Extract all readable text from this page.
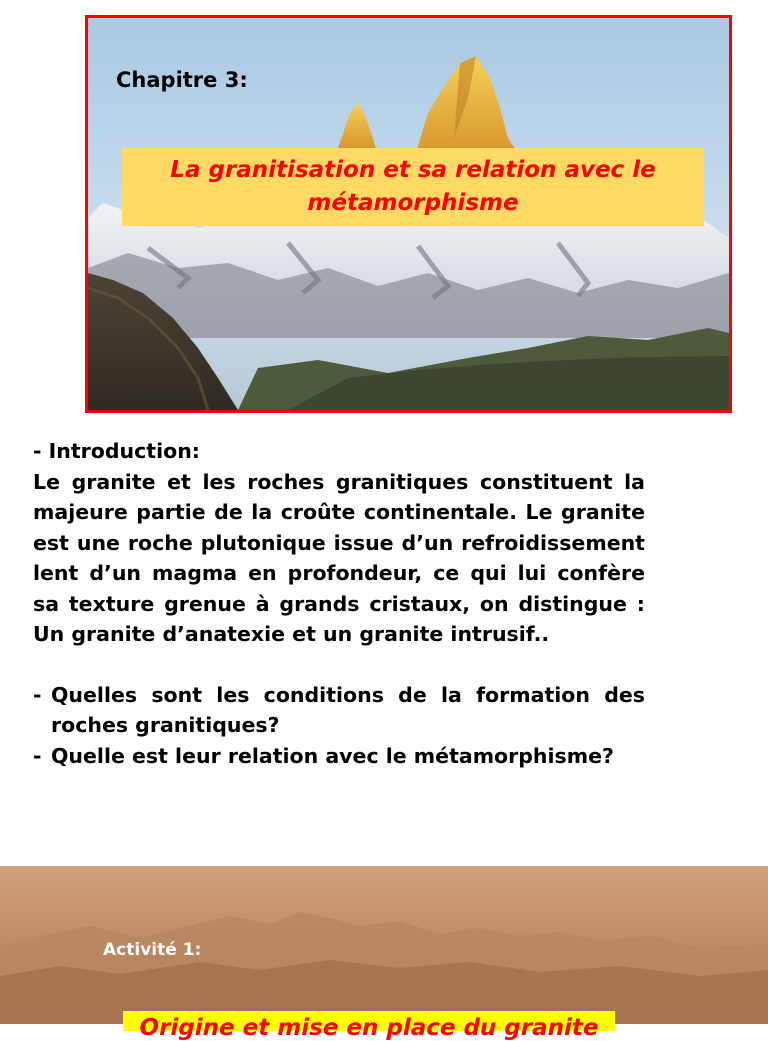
Chapitre 3:
La granitisation et sa relation avec le métamorphisme

- Introduction:

Le granite et les roches granitiques constituent la majeure partie de la croûte continentale. Le granite est une roche plutonique issue d’un refroidissement lent d’un magma en profondeur, ce qui lui confère sa texture grenue à grands cristaux, on distingue : Un granite d’anatexie et un granite intrusif..

- Quelles sont les conditions de la formation des roches granitiques?
- Quelle est leur relation avec le métamorphisme?
Activité 1:
Origine et mise en place du granite
